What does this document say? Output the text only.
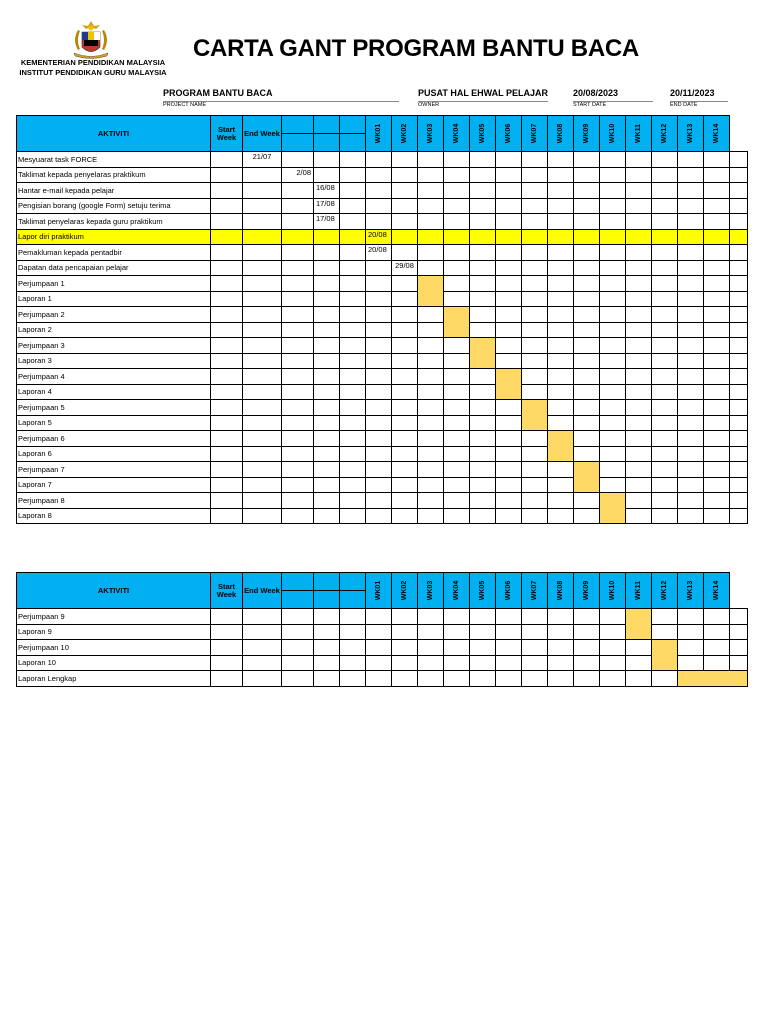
KEMENTERIAN PENDIDIKAN MALAYSIA
INSTITUT PENDIDIKAN GURU MALAYSIA
CARTA GANT PROGRAM BANTU BACA
PROGRAM BANTU BACA
PROJECT NAME
PUSAT HAL EHWAL PELAJAR
OWNER
20/08/2023
START DATE
20/11/2023
END DATE
AKTIVITI	Start Week	End Week				WK01	WK02	WK03	WK04	WK05	WK06	WK07	WK08	WK09	WK10	WK11	WK12	WK13	WK14	

Mesyuarat task FORCE		21/07																		
Taklimat kepada penyelaras praktikum			2/08																	
Hantar e-mail kepada pelajar				16/08																
Pengisian borang (google Form) setuju terima				17/08																
Taklimat penyelaras kepada guru praktikum				17/08																
Lapor diri praktikum						20/08														
Pemakluman kepada pentadbir						20/08														
Dapatan data pencapaian pelajar							29/08													
Perjumpaan 1																				
Laporan 1																				
Perjumpaan 2																				
Laporan 2																				
Perjumpaan 3																				
Laporan 3																				
Perjumpaan 4																				
Laporan 4																				
Perjumpaan 5																				
Laporan 5																				
Perjumpaan 6																				
Laporan 6																				
Perjumpaan 7																				
Laporan 7																				
Perjumpaan 8																				
Laporan 8																				
AKTIVITI	Start Week	End Week				WK01	WK02	WK03	WK04	WK05	WK06	WK07	WK08	WK09	WK10	WK11	WK12	WK13	WK14	

Perjumpaan 9																				
Laporan 9																				
Perjumpaan 10																				
Laporan 10																				
Laporan Lengkap																				
